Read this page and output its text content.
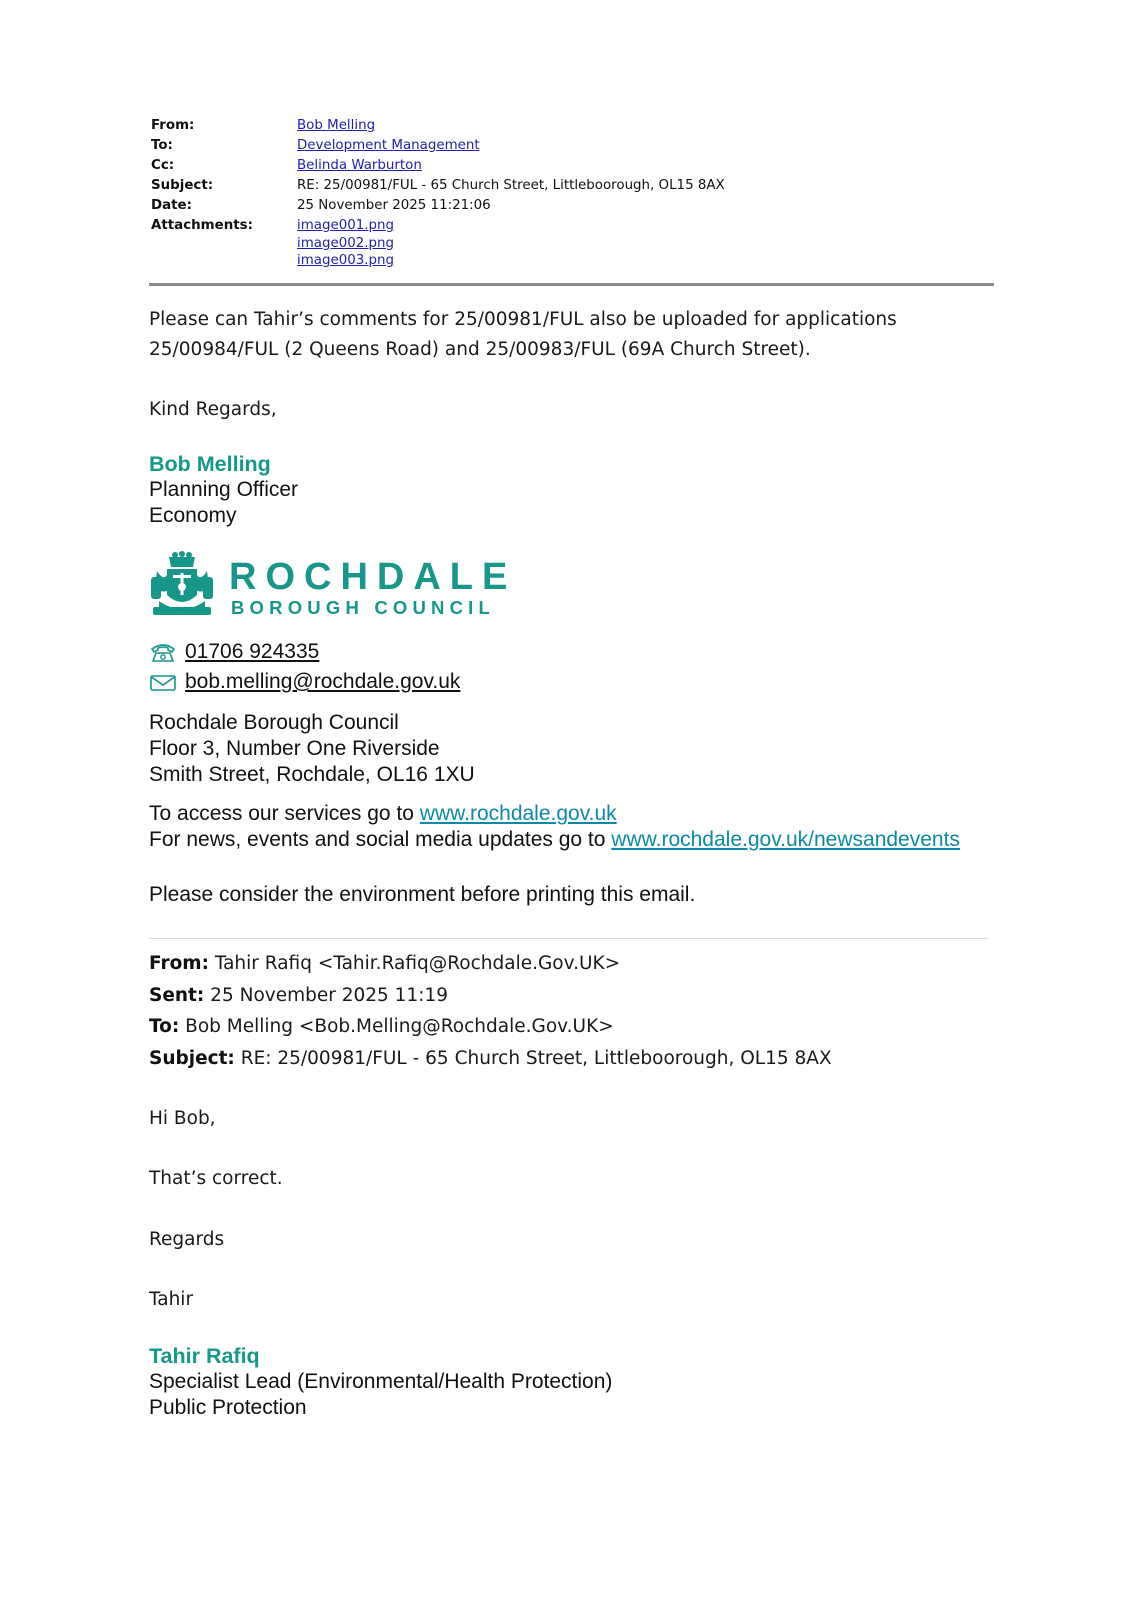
From:	Bob Melling
To:	Development Management
Cc:	Belinda Warburton
Subject:	RE: 25/00981/FUL - 65 Church Street, Littleboorough, OL15 8AX
Date:	25 November 2025 11:21:06
Attachments:	image001.png
image002.png
image003.png

Please can Tahir’s comments for 25/00981/FUL also be uploaded for applications

25/00984/FUL (2 Queens Road) and 25/00983/FUL (69A Church Street).

Kind Regards,
Bob Melling
Planning Officer
Economy
ROCHDALE
BOROUGH COUNCIL
01706 924335
bob.melling@rochdale.gov.uk
Rochdale Borough Council
Floor 3, Number One Riverside
Smith Street, Rochdale, OL16 1XU
To access our services go to www.rochdale.gov.uk
For news, events and social media updates go to www.rochdale.gov.uk/newsandevents
Please consider the environment before printing this email.
From: Tahir Rafiq <Tahir.Rafiq@Rochdale.Gov.UK>
Sent: 25 November 2025 11:19
To: Bob Melling <Bob.Melling@Rochdale.Gov.UK>
Subject: RE: 25/00981/FUL - 65 Church Street, Littleboorough, OL15 8AX
Hi Bob,
That’s correct.
Regards
Tahir
Tahir Rafiq
Specialist Lead (Environmental/Health Protection)
Public Protection
